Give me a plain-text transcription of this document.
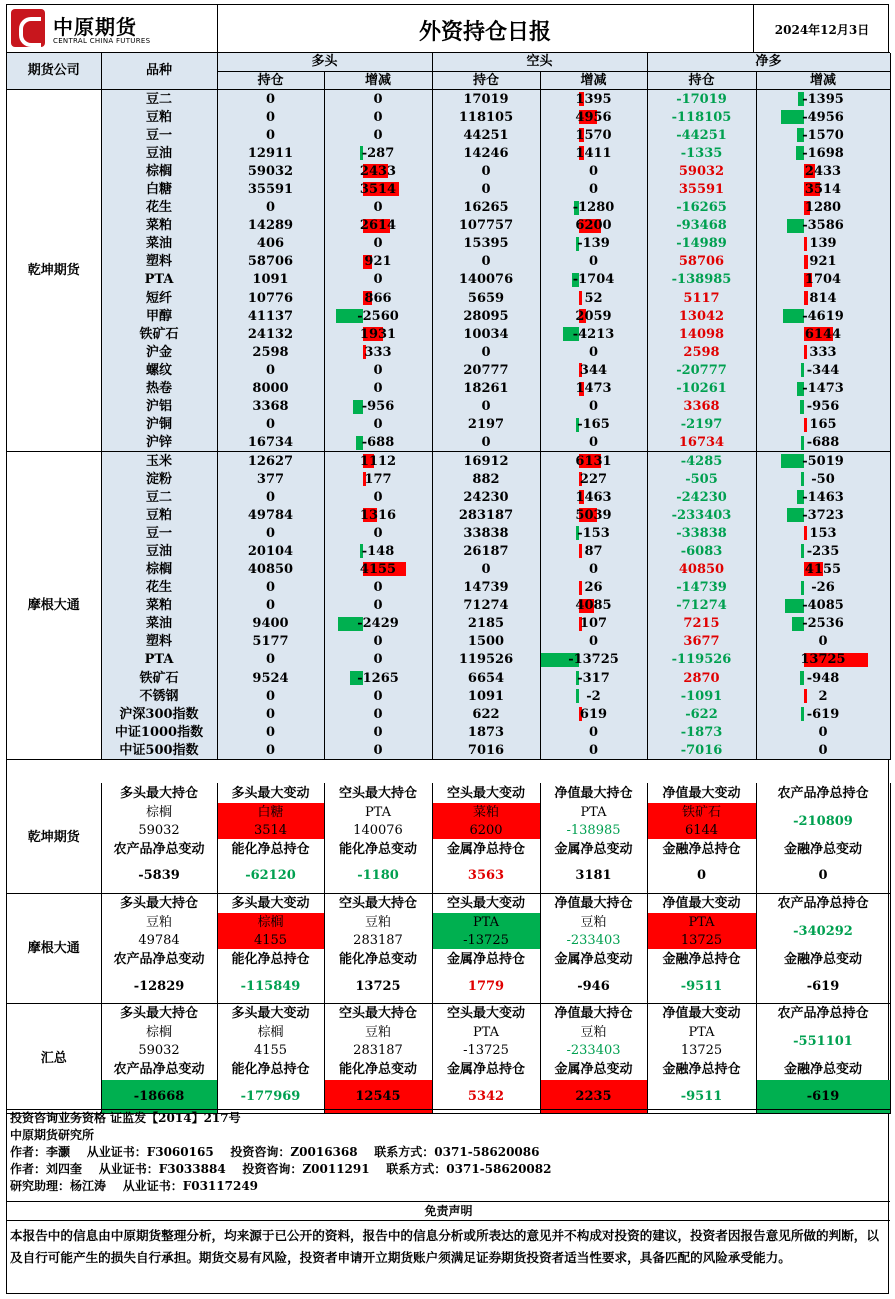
中原期货
CENTRAL CHINA FUTURES	外资持仓日报	2024年12月3日
期货公司	品种	多头		空头		净多	
		持仓	增减	持仓	增减	持仓	增减
乾坤期货	豆二	0	0	17019	1395	-17019	-1395
	豆粕	0	0	118105	4956	-118105	-4956
	豆一	0	0	44251	1570	-44251	-1570
	豆油	12911	-287	14246	1411	-1335	-1698
	棕榈	59032	2433	0	0	59032	2433
	白糖	35591	3514	0	0	35591	3514
	花生	0	0	16265	-1280	-16265	1280
	菜粕	14289	2614	107757	6200	-93468	-3586
	菜油	406	0	15395	-139	-14989	139
	塑料	58706	921	0	0	58706	921
	PTA	1091	0	140076	-1704	-138985	1704
	短纤	10776	866	5659	52	5117	814
	甲醇	41137	-2560	28095	2059	13042	-4619
	铁矿石	24132	1931	10034	-4213	14098	6144
	沪金	2598	333	0	0	2598	333
	螺纹	0	0	20777	344	-20777	-344
	热卷	8000	0	18261	1473	-10261	-1473
	沪铝	3368	-956	0	0	3368	-956
	沪铜	0	0	2197	-165	-2197	165
	沪锌	16734	-688	0	0	16734	-688
摩根大通	玉米	12627	1112	16912	6131	-4285	-5019
	淀粉	377	177	882	227	-505	-50
	豆二	0	0	24230	1463	-24230	-1463
	豆粕	49784	1316	283187	5039	-233403	-3723
	豆一	0	0	33838	-153	-33838	153
	豆油	20104	-148	26187	87	-6083	-235
	棕榈	40850	4155	0	0	40850	4155
	花生	0	0	14739	26	-14739	-26
	菜粕	0	0	71274	4085	-71274	-4085
	菜油	9400	-2429	2185	107	7215	-2536
	塑料	5177	0	1500	0	3677	0
	PTA	0	0	119526	-13725	-119526	13725
	铁矿石	9524	-1265	6654	-317	2870	-948
	不锈钢	0	0	1091	-2	-1091	2
	沪深300指数	0	0	622	619	-622	-619
	中证1000指数	0	0	1873	0	-1873	0
	中证500指数	0	0	7016	0	-7016	0
乾坤期货	多头最大持仓	多头最大变动	空头最大持仓	空头最大变动	净值最大持仓	净值最大变动	农产品净总持仓
	棕榈	白糖	PTA	菜粕	PTA	铁矿石	-210809
	59032	3514	140076	6200	-138985	6144	
	农产品净总变动	能化净总持仓	能化净总变动	金属净总持仓	金属净总变动	金融净总持仓	金融净总变动
	-5839	-62120	-1180	3563	3181	0	0
摩根大通	多头最大持仓	多头最大变动	空头最大持仓	空头最大变动	净值最大持仓	净值最大变动	农产品净总持仓
	豆粕	棕榈	豆粕	PTA	豆粕	PTA	-340292
	49784	4155	283187	-13725	-233403	13725	
	农产品净总变动	能化净总持仓	能化净总变动	金属净总持仓	金属净总变动	金融净总持仓	金融净总变动
	-12829	-115849	13725	1779	-946	-9511	-619
汇总	多头最大持仓	多头最大变动	空头最大持仓	空头最大变动	净值最大持仓	净值最大变动	农产品净总持仓
	棕榈	棕榈	豆粕	PTA	豆粕	PTA	-551101
	59032	4155	283187	-13725	-233403	13725	
	农产品净总变动	能化净总持仓	能化净总变动	金属净总持仓	金属净总变动	金融净总持仓	金融净总变动
	-18668	-177969	12545	5342	2235	-9511	-619
投资咨询业务资格 证监发【2014】217号
中原期货研究所
作者：李灏    从业证书：F3060165    投资咨询：Z0016368    联系方式：0371-58620086
作者：刘四奎    从业证书：F3033884    投资咨询：Z0011291    联系方式：0371-58620082
研究助理：杨江涛    从业证书：F03117249
免责声明
本报告中的信息由中原期货整理分析，均来源于已公开的资料，报告中的信息分析或所表达的意见并不构成对投资的建议，投资者因报告意见所做的判断，以及自行可能产生的损失自行承担。期货交易有风险，投资者申请开立期货账户须满足证券期货投资者适当性要求，具备匹配的风险承受能力。
